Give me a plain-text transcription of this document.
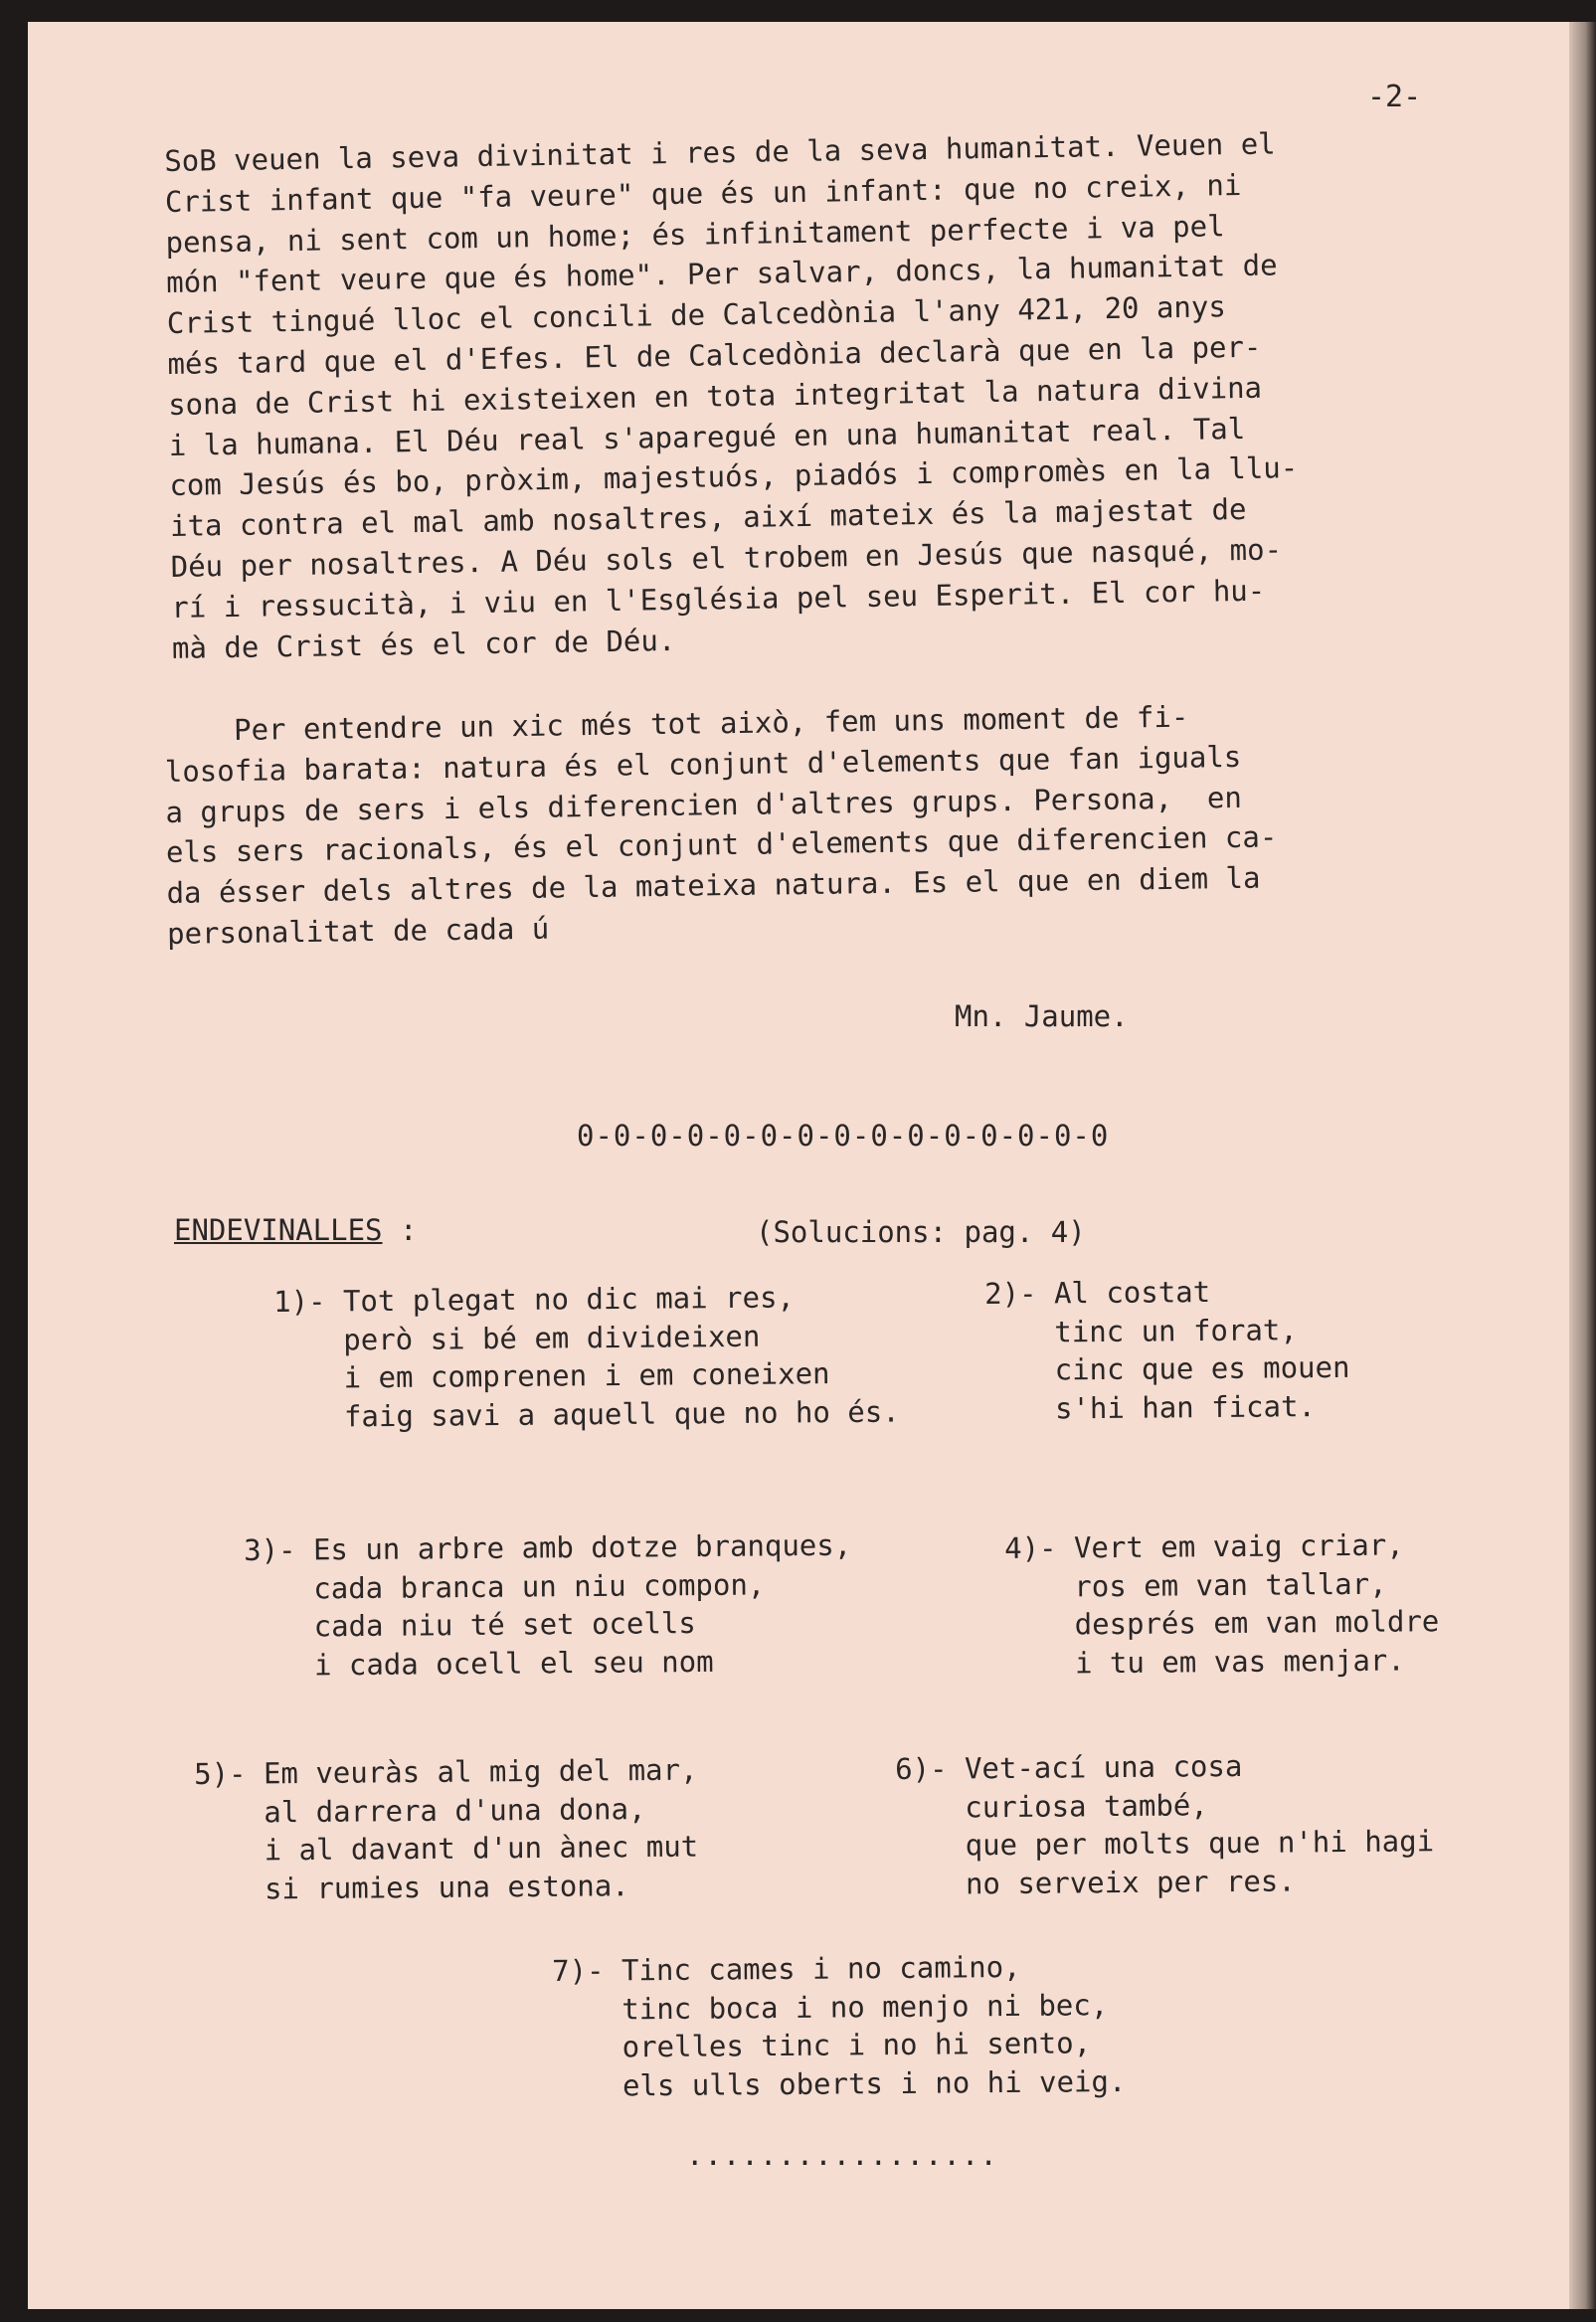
-2-
SoB veuen la seva divinitat i res de la seva humanitat. Veuen el
Crist infant que "fa veure" que és un infant: que no creix, ni
pensa, ni sent com un home; és infinitament perfecte i va pel
món "fent veure que és home". Per salvar, doncs, la humanitat de
Crist tingué lloc el concili de Calcedònia l'any 421, 20 anys
més tard que el d'Efes. El de Calcedònia declarà que en la per-
sona de Crist hi existeixen en tota integritat la natura divina
i la humana. El Déu real s'aparegué en una humanitat real. Tal
com Jesús és bo, pròxim, majestuós, piadós i compromès en la llu-
ita contra el mal amb nosaltres, així mateix és la majestat de
Déu per nosaltres. A Déu sols el trobem en Jesús que nasqué, mo-
rí i ressucità, i viu en l'Església pel seu Esperit. El cor hu-
mà de Crist és el cor de Déu.
Per entendre un xic més tot això, fem uns moment de fi-
losofia barata: natura és el conjunt d'elements que fan iguals
a grups de sers i els diferencien d'altres grups. Persona,  en
els sers racionals, és el conjunt d'elements que diferencien ca-
da ésser dels altres de la mateixa natura. Es el que en diem la
personalitat de cada ú
Mn. Jaume.
0-0-0-0-0-0-0-0-0-0-0-0-0-0-0
ENDEVINALLES :	(Solucions: pag. 4)
1)- Tot plegat no dic mai res,
però si bé em divideixen
i em comprenen i em coneixen
faig savi a aquell que no ho és.
2)- Al costat
tinc un forat,
cinc que es mouen
s'hi han ficat.
3)- Es un arbre amb dotze branques,
cada branca un niu compon,
cada niu té set ocells
i cada ocell el seu nom
4)- Vert em vaig criar,
ros em van tallar,
després em van moldre
i tu em vas menjar.
5)- Em veuràs al mig del mar,
al darrera d'una dona,
i al davant d'un ànec mut
si rumies una estona.
6)- Vet-ací una cosa
curiosa també,
que per molts que n'hi hagi
no serveix per res.
7)- Tinc cames i no camino,
tinc boca i no menjo ni bec,
orelles tinc i no hi sento,
els ulls oberts i no hi veig.
.................
